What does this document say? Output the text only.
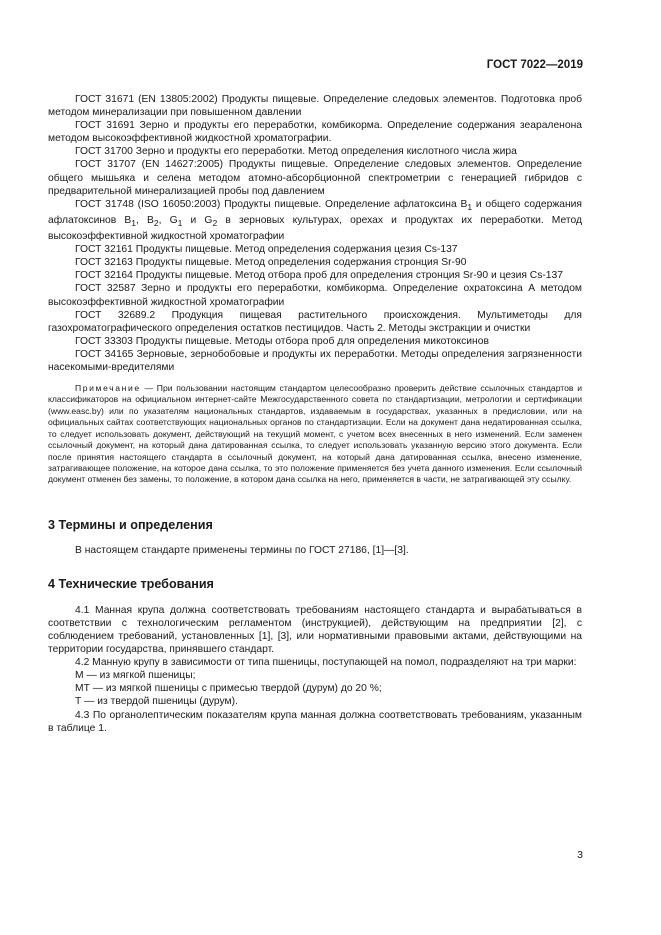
ГОСТ 7022—2019

ГОСТ 31671 (EN 13805:2002) Продукты пищевые. Определение следовых элементов. Подготовка проб методом минерализации при повышенном давлении

ГОСТ 31691 Зерно и продукты его переработки, комбикорма. Определение содержания зеараленона методом высокоэффективной жидкостной хроматографии.

ГОСТ 31700 Зерно и продукты его переработки. Метод определения кислотного числа жира

ГОСТ 31707 (EN 14627:2005) Продукты пищевые. Определение следовых элементов. Определение общего мышьяка и селена методом атомно-абсорбционной спектрометрии с генерацией гибридов с предварительной минерализацией пробы под давлением

ГОСТ 31748 (ISO 16050:2003) Продукты пищевые. Определение афлатоксина $B_1$ и общего содержания афлатоксинов $B_1$, $B_2$, $G_1$ и $G_2$ в зерновых культурах, орехах и продуктах их переработки. Метод высокоэффективной жидкостной хроматографии

ГОСТ 32161 Продукты пищевые. Метод определения содержания цезия Cs-137

ГОСТ 32163 Продукты пищевые. Метод определения содержания стронция Sr-90

ГОСТ 32164 Продукты пищевые. Метод отбора проб для определения стронция Sr-90 и цезия Cs-137

ГОСТ 32587 Зерно и продукты его переработки, комбикорма. Определение охратоксина А методом высокоэффективной жидкостной хроматографии

ГОСТ 32689.2 Продукция пищевая растительного происхождения. Мультиметоды для газохроматографического определения остатков пестицидов. Часть 2. Методы экстракции и очистки

ГОСТ 33303 Продукты пищевые. Методы отбора проб для определения микотоксинов

ГОСТ 34165 Зерновые, зернобобовые и продукты их переработки. Методы определения загрязненности насекомыми-вредителями

Примечание — При пользовании настоящим стандартом целесообразно проверить действие ссылочных стандартов и классификаторов на официальном интернет-сайте Межгосударственного совета по стандартизации, метрологии и сертификации (www.easc.by) или по указателям национальных стандартов, издаваемым в государствах, указанных в предисловии, или на официальных сайтах соответствующих национальных органов по стандартизации. Если на документ дана недатированная ссылка, то следует использовать документ, действующий на текущий момент, с учетом всех внесенных в него изменений. Если заменен ссылочный документ, на который дана датированная ссылка, то следует использовать указанную версию этого документа. Если после принятия настоящего стандарта в ссылочный документ, на который дана датированная ссылка, внесено изменение, затрагивающее положение, на которое дана ссылка, то это положение применяется без учета данного изменения. Если ссылочный документ отменен без замены, то положение, в котором дана ссылка на него, применяется в части, не затрагивающей эту ссылку.

3 Термины и определения

В настоящем стандарте применены термины по ГОСТ 27186, [1]—[3].

4 Технические требования

4.1 Манная крупа должна соответствовать требованиям настоящего стандарта и вырабатываться в соответствии с технологическим регламентом (инструкцией), действующим на предприятии [2], с соблюдением требований, установленных [1], [3], или нормативными правовыми актами, действующими на территории государства, принявшего стандарт.

4.2 Манную крупу в зависимости от типа пшеницы, поступающей на помол, подразделяют на три марки:

М — из мягкой пшеницы;

МТ — из мягкой пшеницы с примесью твердой (дурум) до 20 %;

Т — из твердой пшеницы (дурум).

4.3 По органолептическим показателям крупа манная должна соответствовать требованиям, указанным в таблице 1.

3
